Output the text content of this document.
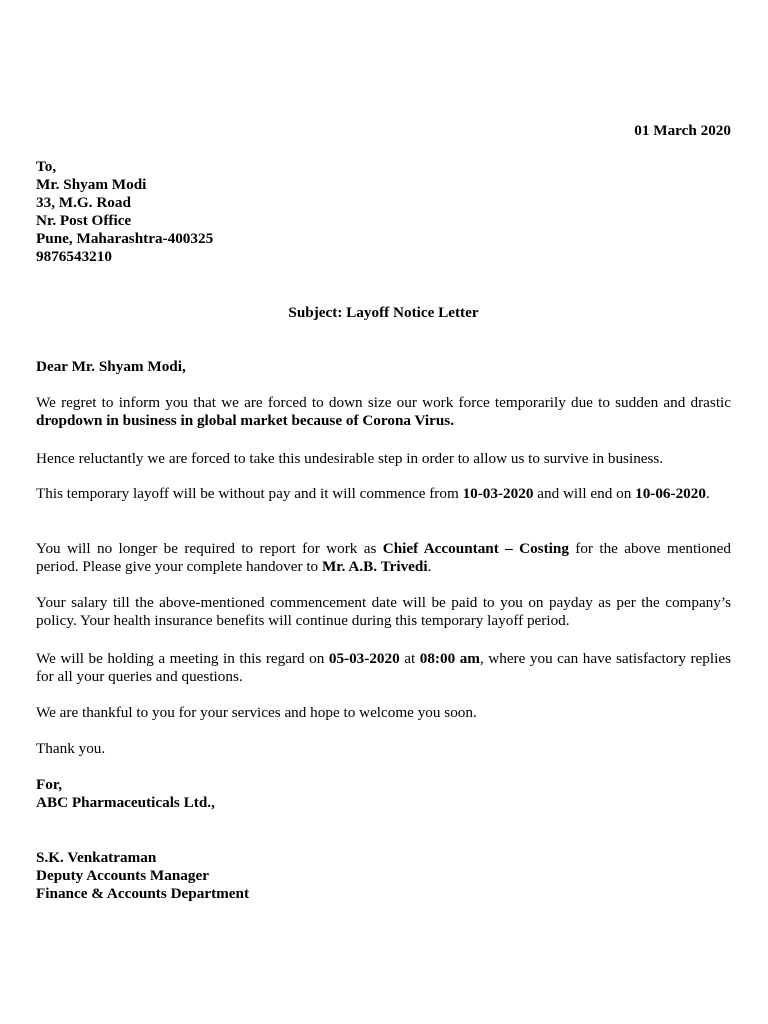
01 March 2020
To,
Mr. Shyam Modi
33, M.G. Road
Nr. Post Office
Pune, Maharashtra-400325
9876543210
Subject: Layoff Notice Letter
Dear Mr. Shyam Modi,

We regret to inform you that we are forced to down size our work force temporarily due to sudden and drastic dropdown in business in global market because of Corona Virus.

Hence reluctantly we are forced to take this undesirable step in order to allow us to survive in business.

This temporary layoff will be without pay and it will commence from 10-03-2020 and will end on 10-06-2020.

You will no longer be required to report for work as Chief Accountant – Costing for the above mentioned period. Please give your complete handover to Mr. A.B. Trivedi.

Your salary till the above-mentioned commencement date will be paid to you on payday as per the company’s policy. Your health insurance benefits will continue during this temporary layoff period.

We will be holding a meeting in this regard on 05-03-2020 at 08:00 am, where you can have satisfactory replies for all your queries and questions.

We are thankful to you for your services and hope to welcome you soon.

Thank you.
For,
ABC Pharmaceuticals Ltd.,
S.K. Venkatraman
Deputy Accounts Manager
Finance & Accounts Department
